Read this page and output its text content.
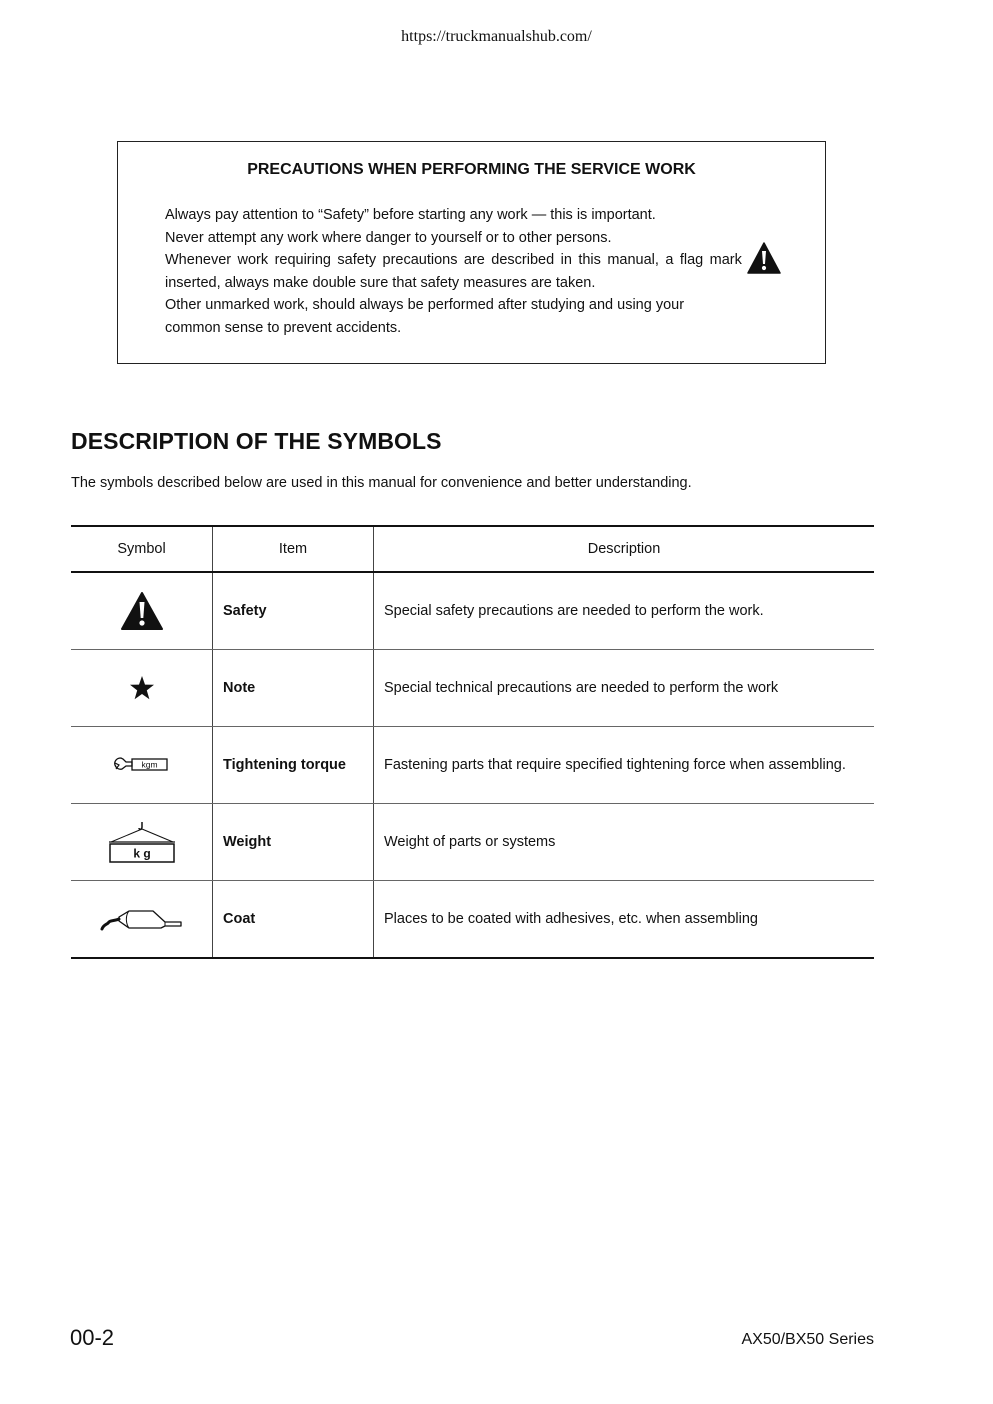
https://truckmanualshub.com/
PRECAUTIONS WHEN PERFORMING THE SERVICE WORK
Always pay attention to “Safety” before starting any work — this is important.
Never attempt any work where danger to yourself or to other persons.
Whenever work requiring safety precautions are described in this manual, a flag mark
inserted, always make double sure that safety measures are taken.
Other unmarked work, should always be performed after studying and using your
common sense to prevent accidents.
DESCRIPTION OF THE SYMBOLS
The symbols described below are used in this manual for convenience and better understanding.
Symbol	Item	Description

	Safety	Special safety precautions are needed to perform the work.

	Note	Special technical precautions are needed to perform the work

kgm	Tightening torque	Fastening parts that require specified tightening force when assembling.

k g	Weight	Weight of parts or systems

	Coat	Places to be coated with adhesives, etc. when assembling
00-2	AX50/BX50 Series
